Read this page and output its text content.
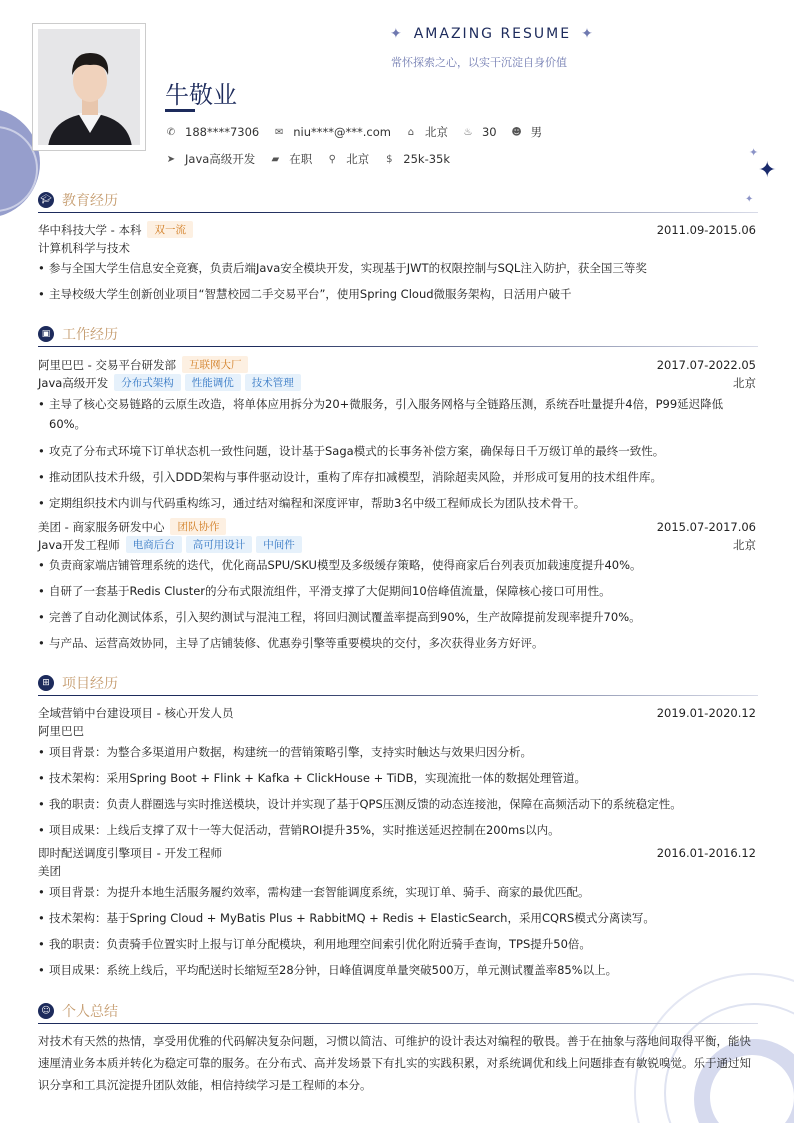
✦
✦
✦
✦ AMAZING RESUME ✦
常怀探索之心，以实干沉淀自身价值
牛敬业
✆ 188****7306 ✉ niu****@***.com ⌂ 北京 ♨ 30 ☻ 男
➤ Java高级开发 ▰ 在职 ⚲ 北京 $ 25k-35k
🎓︎ 教育经历
华中科技大学 - 本科	双一流	2011.09-2015.06
计算机科学与技术
• 参与全国大学生信息安全竞赛，负责后端Java安全模块开发，实现基于JWT的权限控制与SQL注入防护，获全国三等奖
• 主导校级大学生创新创业项目“智慧校园二手交易平台”，使用Spring Cloud微服务架构，日活用户破千
▣ 工作经历
阿里巴巴 - 交易平台研发部	互联网大厂	2017.07-2022.05
Java高级开发	分布式架构	性能调优	技术管理	北京
• 主导了核心交易链路的云原生改造，将单体应用拆分为20+微服务，引入服务网格与全链路压测，系统吞吐量提升4倍，P99延迟降低
60%。
• 攻克了分布式环境下订单状态机一致性问题，设计基于Saga模式的长事务补偿方案，确保每日千万级订单的最终一致性。
• 推动团队技术升级，引入DDD架构与事件驱动设计，重构了库存扣减模型，消除超卖风险，并形成可复用的技术组件库。
• 定期组织技术内训与代码重构练习，通过结对编程和深度评审，帮助3名中级工程师成长为团队技术骨干。
美团 - 商家服务研发中心	团队协作	2015.07-2017.06
Java开发工程师	电商后台	高可用设计	中间件	北京
• 负责商家端店铺管理系统的迭代，优化商品SPU/SKU模型及多级缓存策略，使得商家后台列表页加载速度提升40%。
• 自研了一套基于Redis Cluster的分布式限流组件，平滑支撑了大促期间10倍峰值流量，保障核心接口可用性。
• 完善了自动化测试体系，引入契约测试与混沌工程，将回归测试覆盖率提高到90%，生产故障提前发现率提升70%。
• 与产品、运营高效协同，主导了店铺装修、优惠券引擎等重要模块的交付，多次获得业务方好评。
⊞ 项目经历
全域营销中台建设项目 - 核心开发人员	2019.01-2020.12
阿里巴巴
• 项目背景：为整合多渠道用户数据，构建统一的营销策略引擎，支持实时触达与效果归因分析。
• 技术架构：采用Spring Boot + Flink + Kafka + ClickHouse + TiDB，实现流批一体的数据处理管道。
• 我的职责：负责人群圈选与实时推送模块，设计并实现了基于QPS压测反馈的动态连接池，保障在高频活动下的系统稳定性。
• 项目成果：上线后支撑了双十一等大促活动，营销ROI提升35%，实时推送延迟控制在200ms以内。
即时配送调度引擎项目 - 开发工程师	2016.01-2016.12
美团
• 项目背景：为提升本地生活服务履约效率，需构建一套智能调度系统，实现订单、骑手、商家的最优匹配。
• 技术架构：基于Spring Cloud + MyBatis Plus + RabbitMQ + Redis + ElasticSearch，采用CQRS模式分离读写。
• 我的职责：负责骑手位置实时上报与订单分配模块，利用地理空间索引优化附近骑手查询，TPS提升50倍。
• 项目成果：系统上线后，平均配送时长缩短至28分钟，日峰值调度单量突破500万，单元测试覆盖率85%以上。
☺ 个人总结
对技术有天然的热情，享受用优雅的代码解决复杂问题，习惯以简洁、可维护的设计表达对编程的敬畏。善于在抽象与落地间取得平衡，能快速厘清业务本质并转化为稳定可靠的服务。在分布式、高并发场景下有扎实的实践积累，对系统调优和线上问题排查有敏锐嗅觉。乐于通过知识分享和工具沉淀提升团队效能，相信持续学习是工程师的本分。
